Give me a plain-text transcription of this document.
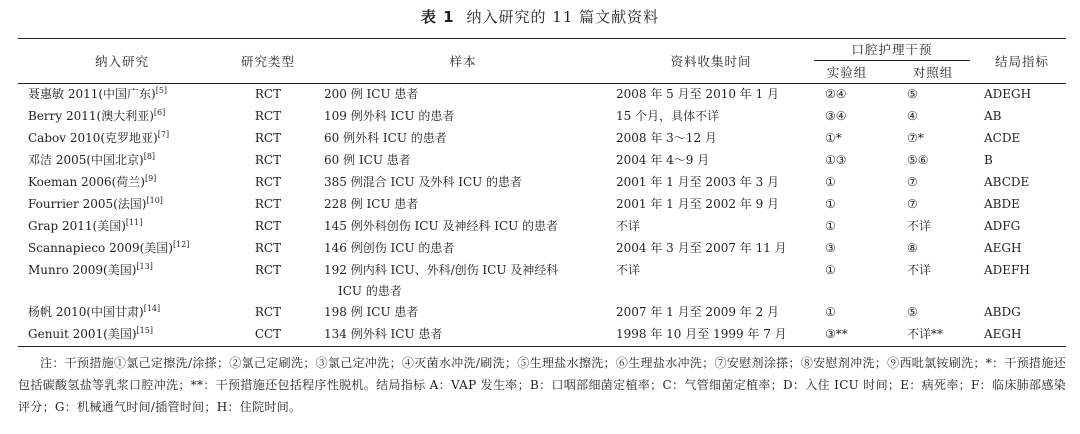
表 1 纳入研究的 11 篇文献资料
纳入研究	研究类型	样本	资料收集时间	口腔护理干预		结局指标
				实验组	对照组	
聂惠敏 2011(中国广东)[5]	RCT	200 例 ICU 患者	2008 年 5 月至 2010 年 1 月	②④	⑤	ADEGH
Berry 2011(澳大利亚)[6]	RCT	109 例外科 ICU 的患者	15 个月，具体不详	③④	④	AB
Cabov 2010(克罗地亚)[7]	RCT	60 例外科 ICU 的患者	2008 年 3～12 月	①*	⑦*	ACDE
邓洁 2005(中国北京)[8]	RCT	60 例 ICU 患者	2004 年 4～9 月	①③	⑤⑥	B
Koeman 2006(荷兰)[9]	RCT	385 例混合 ICU 及外科 ICU 的患者	2001 年 1 月至 2003 年 3 月	①	⑦	ABCDE
Fourrier 2005(法国)[10]	RCT	228 例 ICU 患者	2001 年 1 月至 2002 年 9 月	①	⑦	ABDE
Grap 2011(美国)[11]	RCT	145 例外科创伤 ICU 及神经科 ICU 的患者	不详	①	不详	ADFG
Scannapieco 2009(美国)[12]	RCT	146 例创伤 ICU 的患者	2004 年 3 月至 2007 年 11 月	③	⑧	AEGH
Munro 2009(美国)[13]	RCT	192 例内科 ICU、外科/创伤 ICU 及神经科
ICU 的患者	不详	①	不详	ADEFH
杨帆 2010(中国甘肃)[14]	RCT	198 例 ICU 患者	2007 年 1 月至 2009 年 2 月	①	⑤	ABDG
Genuit 2001(美国)[15]	CCT	134 例外科 ICU 患者	1998 年 10 月至 1999 年 7 月	③**	不详**	AEGH
注：干预措施①氯己定擦洗/涂搽；②氯己定刷洗；③氯己定冲洗；④灭菌水冲洗/刷洗；⑤生理盐水擦洗；⑥生理盐水冲洗；⑦安慰剂涂搽；⑧安慰剂冲洗；⑨西吡氯铵刷洗；*：干预措施还包括碳酸氢盐等乳浆口腔冲洗；**：干预措施还包括程序性脱机。结局指标 A：VAP 发生率；B：口咽部细菌定植率；C：气管细菌定植率；D：入住 ICU 时间；E：病死率；F：临床肺部感染评分；G：机械通气时间/插管时间；H：住院时间。
